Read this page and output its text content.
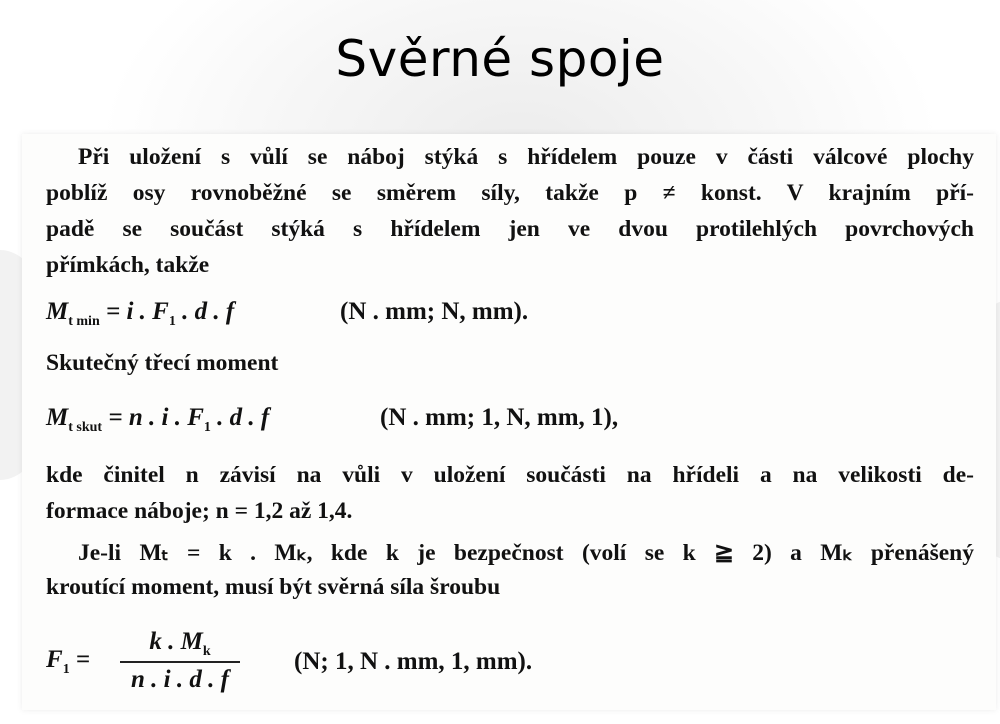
Svěrné spoje
Při uložení s vůlí se náboj stýká s hřídelem pouze v části válcové plochy
poblíž osy rovnoběžné se směrem síly, takže p ≠ konst. V krajním pří-
padě se součást stýká s hřídelem jen ve dvou protilehlých povrchových
přímkách, takže
$M_{t min} = i$ . $F_1$ . d . f	(N . mm; N, mm).
Skutečný třecí moment
$M_{t skut} = n$ . i . $F_1$ . d . f	(N . mm; 1, N, mm, 1),
kde činitel n závisí na vůli v uložení součásti na hřídeli a na velikosti de-
formace náboje; n = 1,2 až 1,4.
Je-li Mₜ = k . Mₖ, kde k je bezpečnost (volí se k ≧ 2) a Mₖ přenášený
kroutící moment, musí být svěrná síla šroubu
$F_1$ =
k . $M_k$
n . i . d . f
(N; 1, N . mm, 1, mm).
